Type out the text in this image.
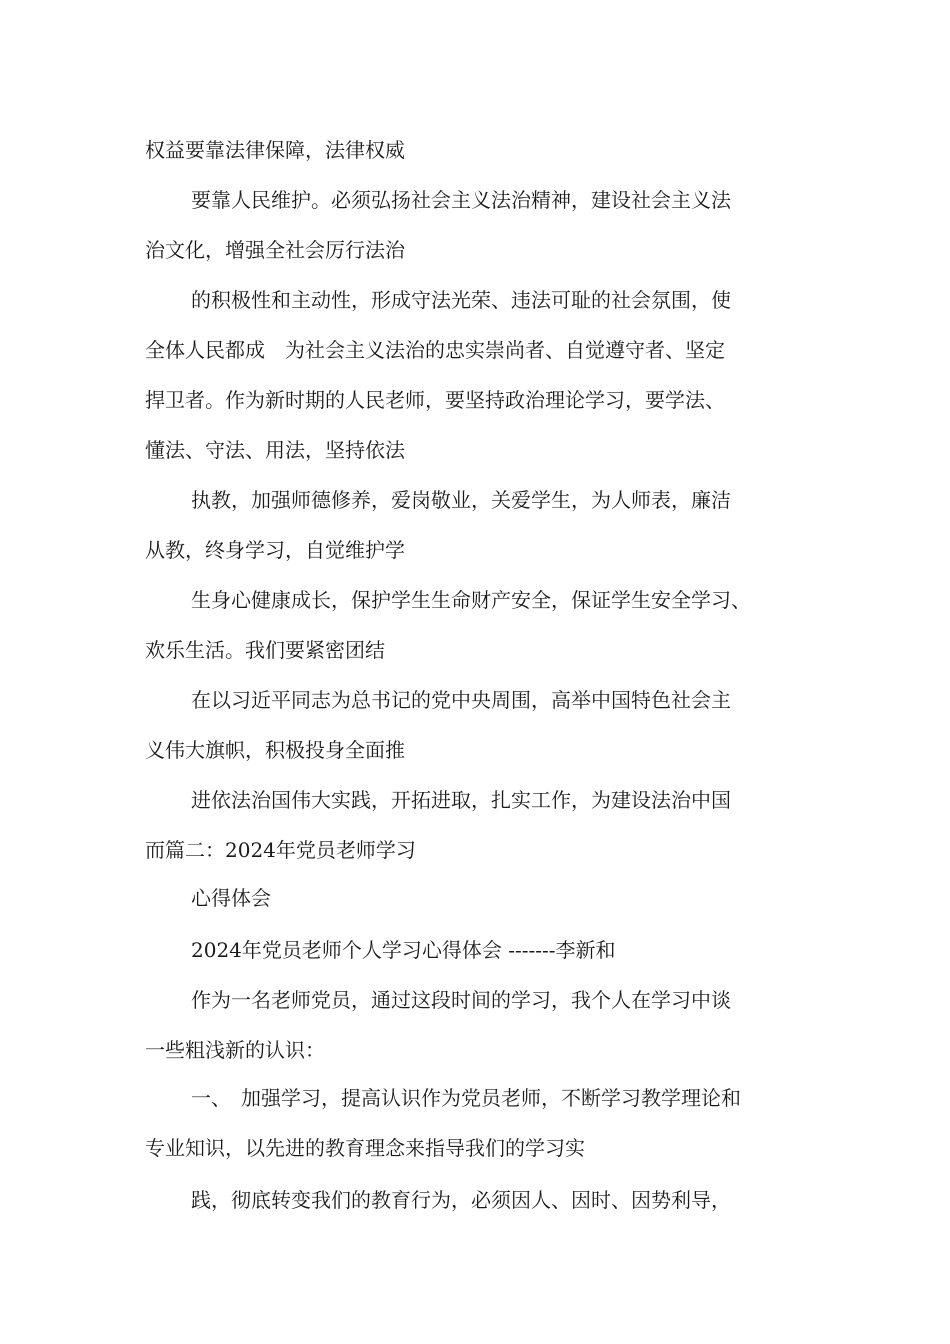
权益要靠法律保障，法律权威

要靠人民维护。必须弘扬社会主义法治精神，建设社会主义法

治文化，增强全社会厉行法治

的积极性和主动性，形成守法光荣、违法可耻的社会氛围，使

全体人民都成　为社会主义法治的忠实崇尚者、自觉遵守者、坚定

捍卫者。作为新时期的人民老师，要坚持政治理论学习，要学法、

懂法、守法、用法，坚持依法

执教，加强师德修养，爱岗敬业，关爱学生，为人师表，廉洁

从教，终身学习，自觉维护学

生身心健康成长，保护学生生命财产安全，保证学生安全学习、

欢乐生活。我们要紧密团结

在以习近平同志为总书记的党中央周围，高举中国特色社会主

义伟大旗帜，积极投身全面推

进依法治国伟大实践，开拓进取，扎实工作，为建设法治中国

而篇二：2024年党员老师学习

心得体会

2024年党员老师个人学习心得体会 -------李新和

作为一名老师党员，通过这段时间的学习，我个人在学习中谈

一些粗浅新的认识：

一、　加强学习，提高认识作为党员老师，不断学习教学理论和

专业知识，以先进的教育理念来指导我们的学习实

践，彻底转变我们的教育行为，必须因人、因时、因势利导，
